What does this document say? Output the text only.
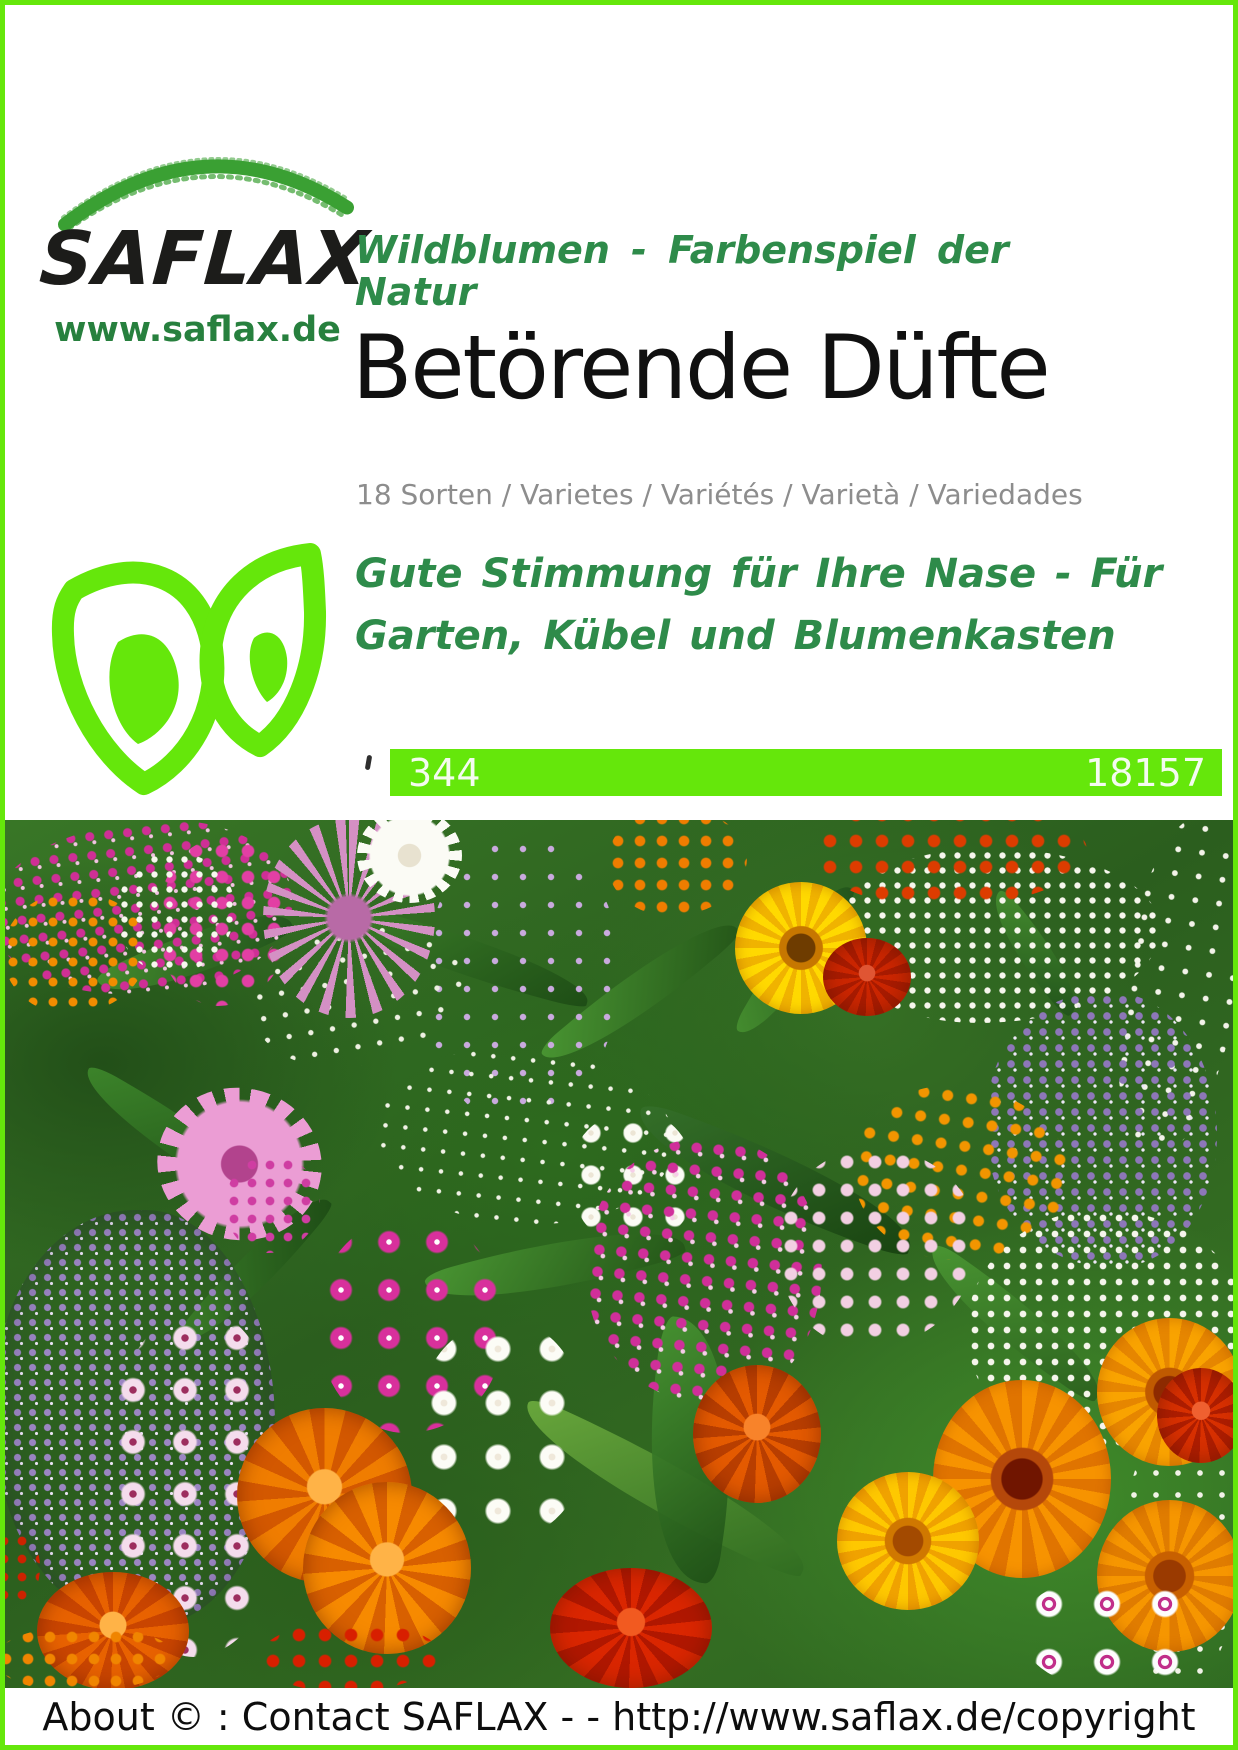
SAFLAX
www.saflax.de
Wildblumen - Farbenspiel der Natur
Betörende Düfte
18 Sorten / Varietes / Variétés / Varietà / Variedades
Gute Stimmung für Ihre Nase - Für
Garten, Kübel und Blumenkasten
344	18157
About © : Contact SAFLAX - - http://www.saflax.de/copyright
